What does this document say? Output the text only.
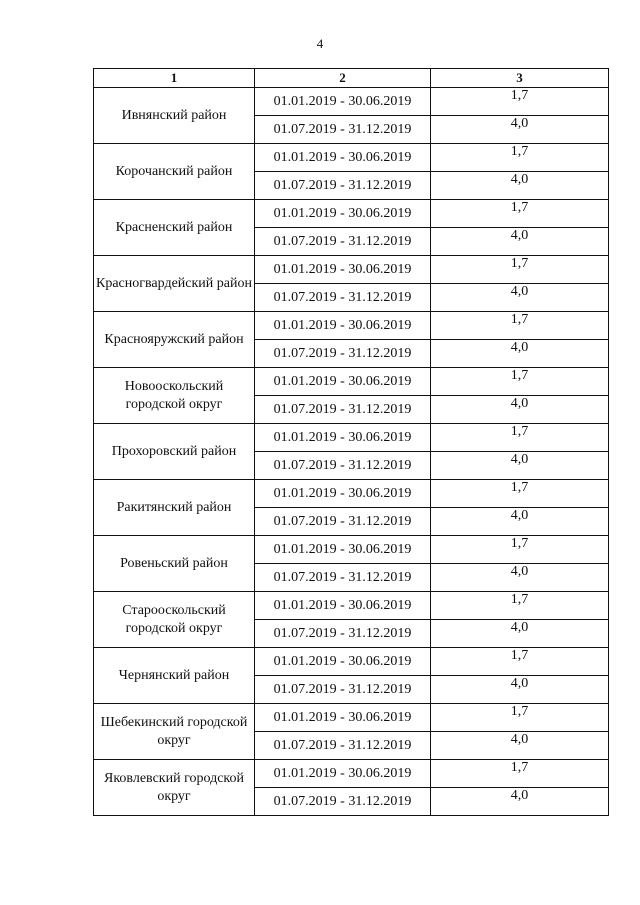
4
1	2	3
Ивнянский район	01.01.2019 - 30.06.2019	1,7
	01.07.2019 - 31.12.2019	4,0
Корочанский район	01.01.2019 - 30.06.2019	1,7
	01.07.2019 - 31.12.2019	4,0
Красненский район	01.01.2019 - 30.06.2019	1,7
	01.07.2019 - 31.12.2019	4,0
Красногвардейский район	01.01.2019 - 30.06.2019	1,7
	01.07.2019 - 31.12.2019	4,0
Краснояружский район	01.01.2019 - 30.06.2019	1,7
	01.07.2019 - 31.12.2019	4,0
Новооскольский городской округ	01.01.2019 - 30.06.2019	1,7
	01.07.2019 - 31.12.2019	4,0
Прохоровский район	01.01.2019 - 30.06.2019	1,7
	01.07.2019 - 31.12.2019	4,0
Ракитянский район	01.01.2019 - 30.06.2019	1,7
	01.07.2019 - 31.12.2019	4,0
Ровеньский район	01.01.2019 - 30.06.2019	1,7
	01.07.2019 - 31.12.2019	4,0
Старооскольский городской округ	01.01.2019 - 30.06.2019	1,7
	01.07.2019 - 31.12.2019	4,0
Чернянский район	01.01.2019 - 30.06.2019	1,7
	01.07.2019 - 31.12.2019	4,0
Шебекинский городской округ	01.01.2019 - 30.06.2019	1,7
	01.07.2019 - 31.12.2019	4,0
Яковлевский городской округ	01.01.2019 - 30.06.2019	1,7
	01.07.2019 - 31.12.2019	4,0
